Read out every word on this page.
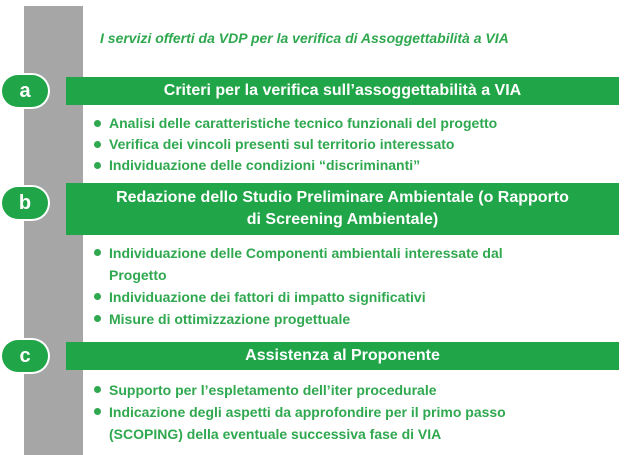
I servizi offerti da VDP per la verifica di Assoggettabilità a VIA
a	Criteri per la verifica sull’assoggettabilità a VIA
Analisi delle caratteristiche tecnico funzionali del progetto
Verifica dei vincoli presenti sul territorio interessato
Individuazione delle condizioni “discriminanti”
b	Redazione dello Studio Preliminare Ambientale (o Rapporto
di Screening Ambientale)
Individuazione delle Componenti ambientali interessate dal
Progetto
Individuazione dei fattori di impatto significativi
Misure di ottimizzazione progettuale
c	Assistenza al Proponente
Supporto per l’espletamento dell’iter procedurale
Indicazione degli aspetti da approfondire per il primo passo
(SCOPING) della eventuale successiva fase di VIA
